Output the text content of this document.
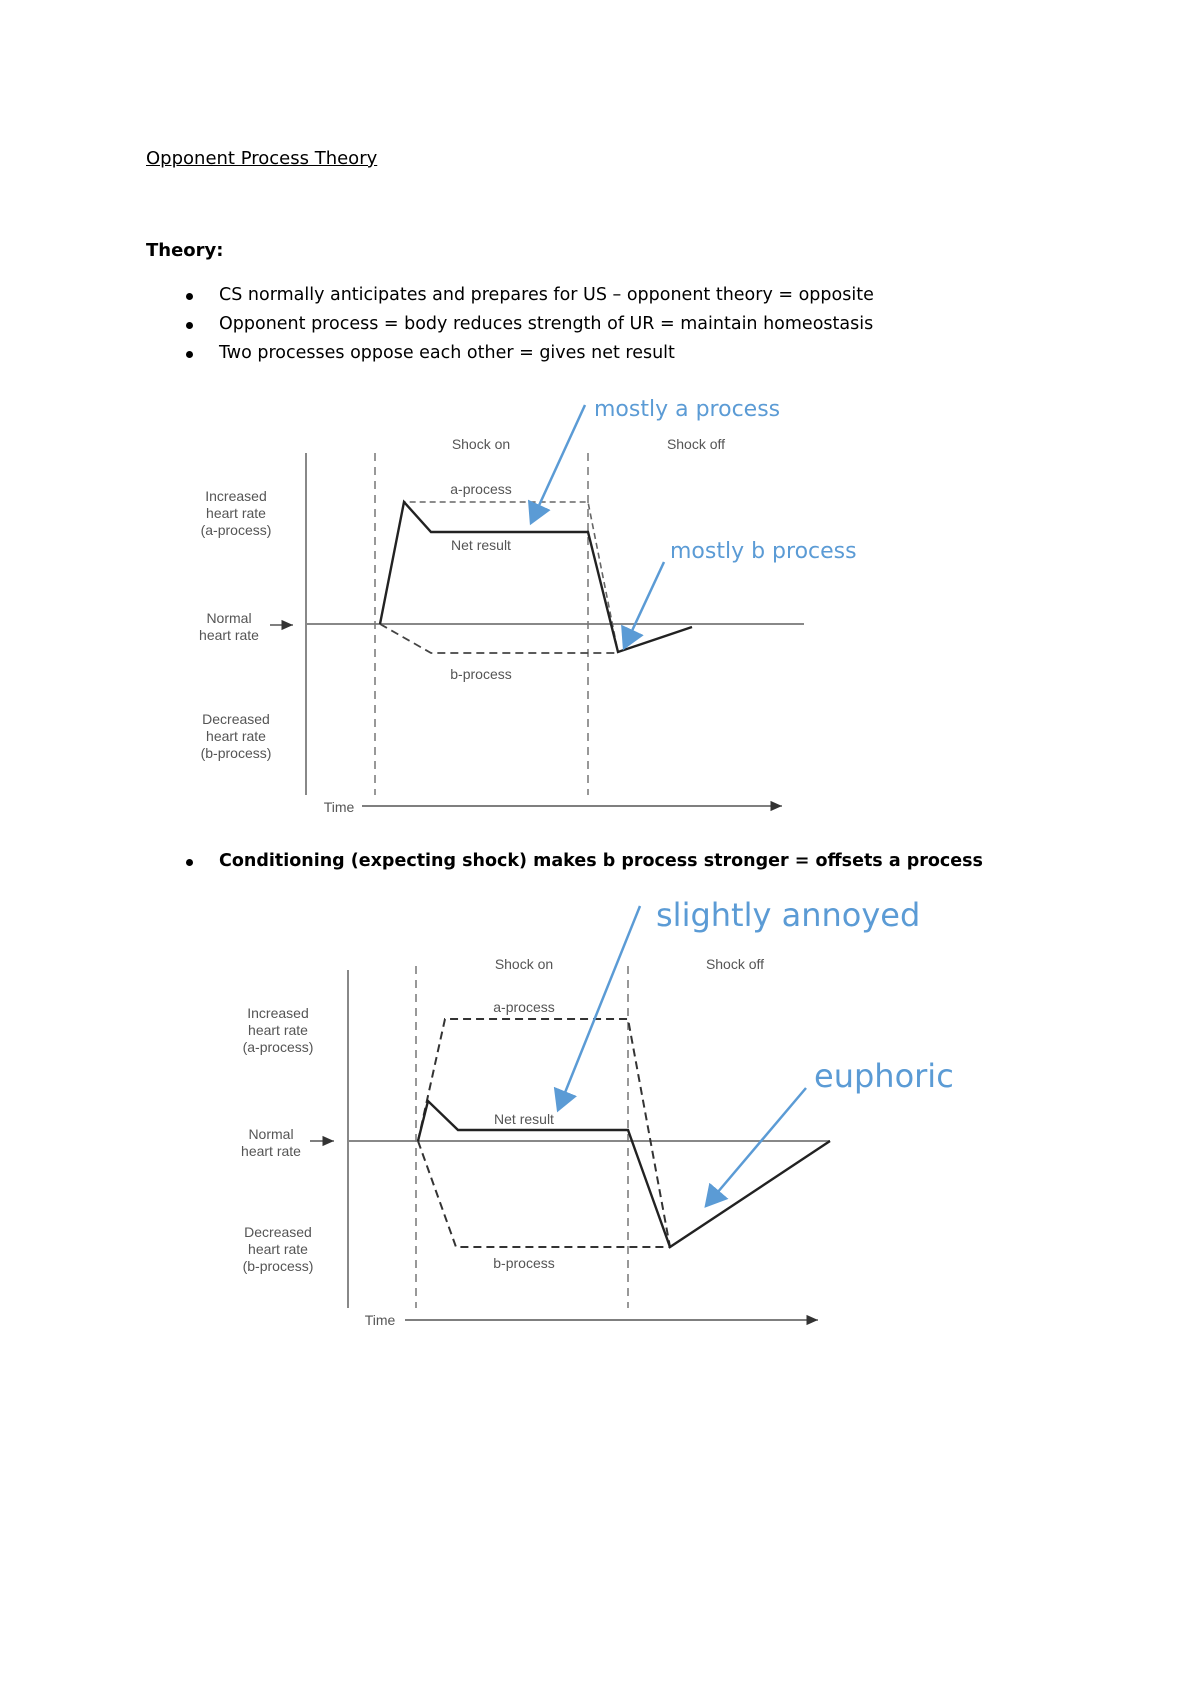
Opponent Process Theory
Theory:
CS normally anticipates and prepares for US – opponent theory = opposite
Opponent process = body reduces strength of UR = maintain homeostasis
Two processes oppose each other = gives net result
Conditioning (expecting shock) makes b process stronger = offsets a process
Shock on	Shock off
a-process
Net result
b-process
Increased
heart rate
(a-process)
Normal
heart rate
Decreased
heart rate
(b-process)
Time
mostly a process
mostly b process
Shock on	Shock off
a-process
Net result
b-process
Increased
heart rate
(a-process)
Normal
heart rate
Decreased
heart rate
(b-process)
Time
slightly annoyed
euphoric
